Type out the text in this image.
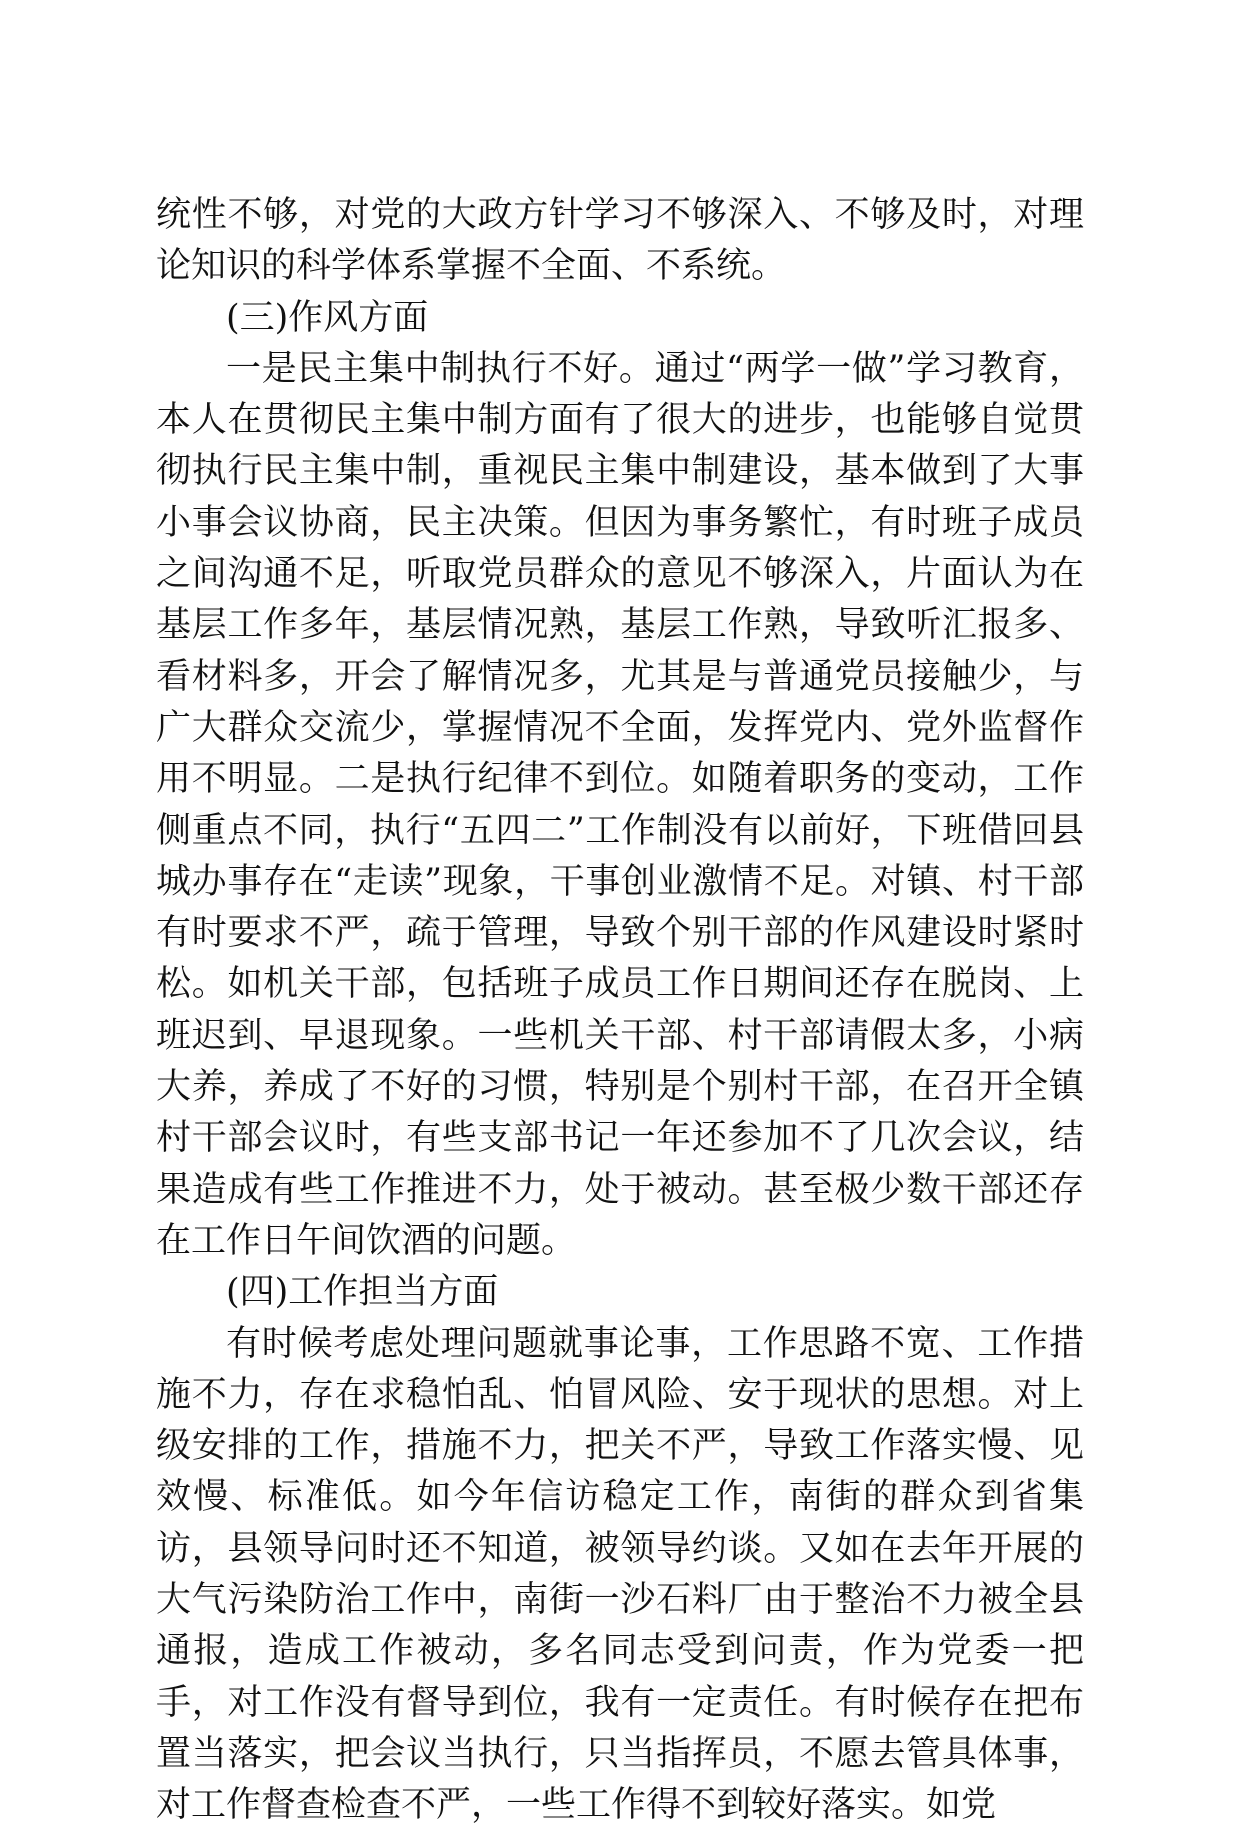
统性不够，对党的大政方针学习不够深入、不够及时，对理论知识的科学体系掌握不全面、不系统。

(三)作风方面

一是民主集中制执行不好。通过“两学一做”学习教育，本人在贯彻民主集中制方面有了很大的进步，也能够自觉贯彻执行民主集中制，重视民主集中制建设，基本做到了大事小事会议协商，民主决策。但因为事务繁忙，有时班子成员之间沟通不足，听取党员群众的意见不够深入，片面认为在基层工作多年，基层情况熟，基层工作熟，导致听汇报多、看材料多，开会了解情况多，尤其是与普通党员接触少，与广大群众交流少，掌握情况不全面，发挥党内、党外监督作用不明显。二是执行纪律不到位。如随着职务的变动，工作侧重点不同，执行“五四二”工作制没有以前好，下班借回县城办事存在“走读”现象，干事创业激情不足。对镇、村干部有时要求不严，疏于管理，导致个别干部的作风建设时紧时松。如机关干部，包括班子成员工作日期间还存在脱岗、上班迟到、早退现象。一些机关干部、村干部请假太多，小病大养，养成了不好的习惯，特别是个别村干部，在召开全镇村干部会议时，有些支部书记一年还参加不了几次会议，结果造成有些工作推进不力，处于被动。甚至极少数干部还存在工作日午间饮酒的问题。

(四)工作担当方面

有时候考虑处理问题就事论事，工作思路不宽、工作措施不力，存在求稳怕乱、怕冒风险、安于现状的思想。对上级安排的工作，措施不力，把关不严，导致工作落实慢、见效慢、标准低。如今年信访稳定工作，南街的群众到省集访，县领导问时还不知道，被领导约谈。又如在去年开展的大气污染防治工作中，南街一沙石料厂由于整治不力被全县通报，造成工作被动，多名同志受到问责，作为党委一把手，对工作没有督导到位，我有一定责任。有时候存在把布置当落实，把会议当执行，只当指挥员，不愿去管具体事，对工作督查检查不严，一些工作得不到较好落实。如党
